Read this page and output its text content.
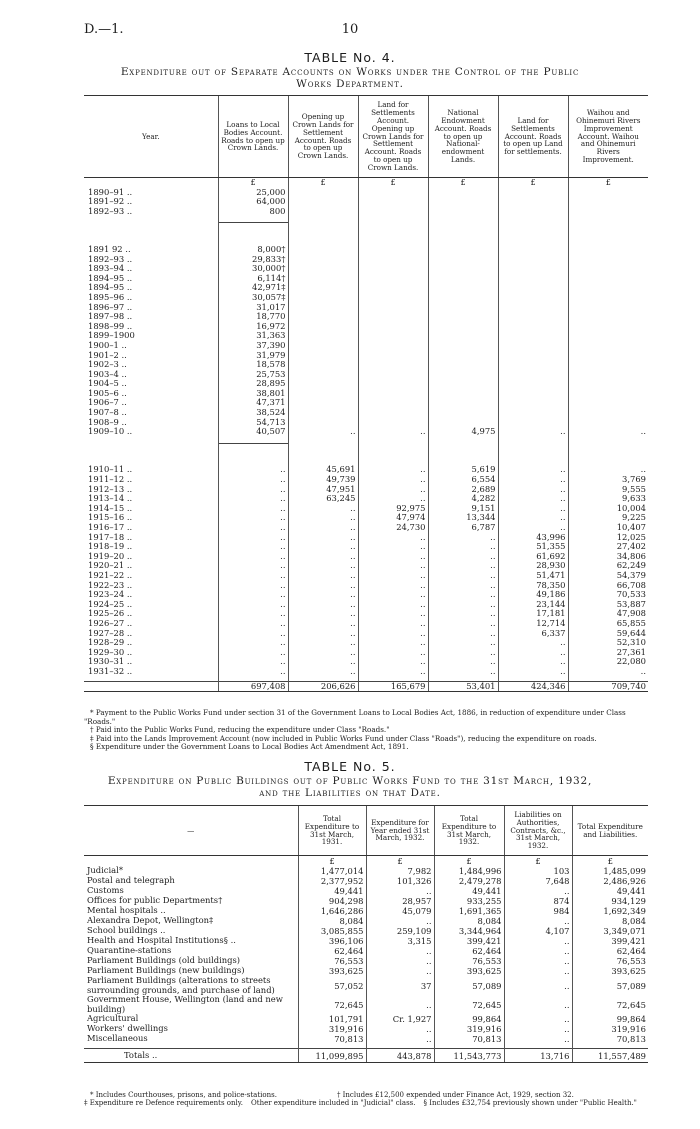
D.—1.	10
TABLE No. 4.
Expenditure out of Separate Accounts on Works under the Control of the Public
Works Department.
Year.	Loans to Local Bodies Account. Roads to open up Crown Lands.	Opening up Crown Lands for Settlement Account. Roads to open up Crown Lands.	Land for Settlements Account. Opening up Crown Lands for Settlement Account. Roads to open up Crown Lands.	National Endowment Account. Roads to open up National-endowment Lands.	Land for Settlements Account. Roads to open up Land for settlements.	Waihou and Ohinemuri Rivers Improvement Account. Waihou and Ohinemuri Rivers Improvement.
	£	£	£	£	£	£
1890–91 ..	25,000					
1891–92 ..	64,000					
1892–93 ..	800					

1891 92 ..	8,000†					
1892–93 ..	29,833†					
1893–94 ..	30,000†					
1894–95 ..	6,114†					
1894–95 ..	42,971‡					
1895–96 ..	30,057‡					
1896–97 ..	31,017					
1897–98 ..	18,770					
1898–99 ..	16,972					
1899–1900	31,363					
1900–1 ..	37,390					
1901–2 ..	31,979					
1902–3 ..	18,578					
1903–4 ..	25,753					
1904–5 ..	28,895					
1905–6 ..	38,801					
1906–7 ..	47,371					
1907–8 ..	38,524					
1908–9 ..	54,713					
1909–10 ..	40,507	..	..	4,975	..	..

1910–11 ..	..	45,691	..	5,619	..	..
1911–12 ..	..	49,739	..	6,554	..	3,769
1912–13 ..	..	47,951	..	2,689	..	9,555
1913–14 ..	..	63,245	..	4,282	..	9,633
1914–15 ..	..	..	92,975	9,151	..	10,004
1915–16 ..	..	..	47,974	13,344	..	9,225
1916–17 ..	..	..	24,730	6,787	..	10,407
1917–18 ..	..	..	..	..	43,996	12,025
1918–19 ..	..	..	..	..	51,355	27,402
1919–20 ..	..	..	..	..	61,692	34,806
1920–21 ..	..	..	..	..	28,930	62,249
1921–22 ..	..	..	..	..	51,471	54,379
1922–23 ..	..	..	..	..	78,350	66,708
1923–24 ..	..	..	..	..	49,186	70,533
1924–25 ..	..	..	..	..	23,144	53,887
1925–26 ..	..	..	..	..	17,181	47,908
1926–27 ..	..	..	..	..	12,714	65,855
1927–28 ..	..	..	..	..	6,337	59,644
1928–29 ..	..	..	..	..	..	52,310
1929–30 ..	..	..	..	..	..	27,361
1930–31 ..	..	..	..	..	..	22,080
1931–32 ..	..	..	..	..	..	..

	697,408	206,626	165,679	53,401	424,346	709,740
* Payment to the Public Works Fund under section 31 of the Government Loans to Local Bodies Act, 1886, in reduction of expenditure under Class "Roads."
† Paid into the Public Works Fund, reducing the expenditure under Class "Roads."
‡ Paid into the Lands Improvement Account (now included in Public Works Fund under Class "Roads"), reducing the expenditure on roads.
§ Expenditure under the Government Loans to Local Bodies Act Amendment Act, 1891.
TABLE No. 5.
Expenditure on Public Buildings out of Public Works Fund to the 31st March, 1932,
and the Liabilities on that Date.
—	Total Expenditure to 31st March, 1931.	Expenditure for Year ended 31st March, 1932.	Total Expenditure to 31st March, 1932.	Liabilities on Authorities, Contracts, &c., 31st March, 1932.	Total Expenditure and Liabilities.
	£	£	£	£	£
Judicial*	1,477,014	7,982	1,484,996	103	1,485,099
Postal and telegraph	2,377,952	101,326	2,479,278	7,648	2,486,926
Customs	49,441	..	49,441	..	49,441
Offices for public Departments†	904,298	28,957	933,255	874	934,129
Mental hospitals ..	1,646,286	45,079	1,691,365	984	1,692,349
Alexandra Depot, Wellington‡	8,084	..	8,084	..	8,084
School buildings ..	3,085,855	259,109	3,344,964	4,107	3,349,071
Health and Hospital Institutions§ ..	396,106	3,315	399,421	..	399,421
Quarantine-stations	62,464	..	62,464	..	62,464
Parliament Buildings (old buildings)	76,553	..	76,553	..	76,553
Parliament Buildings (new buildings)	393,625	..	393,625	..	393,625
Parliament Buildings (alterations to streets surrounding grounds, and purchase of land)	57,052	37	57,089	..	57,089
Government House, Wellington (land and new building)	72,645	..	72,645	..	72,645
Agricultural	101,791	Cr. 1,927	99,864	..	99,864
Workers' dwellings	319,916	..	319,916	..	319,916
Miscellaneous	70,813	..	70,813	..	70,813

Totals ..	11,099,895	443,878	11,543,773	13,716	11,557,489
* Includes Courthouses, prisons, and police-stations.	† Includes £12,500 expended under Finance Act, 1929, section 32.
‡ Expenditure re Defence requirements only. Other expenditure included in "Judicial" class. § Includes £32,754 previously shown under "Public Health."
